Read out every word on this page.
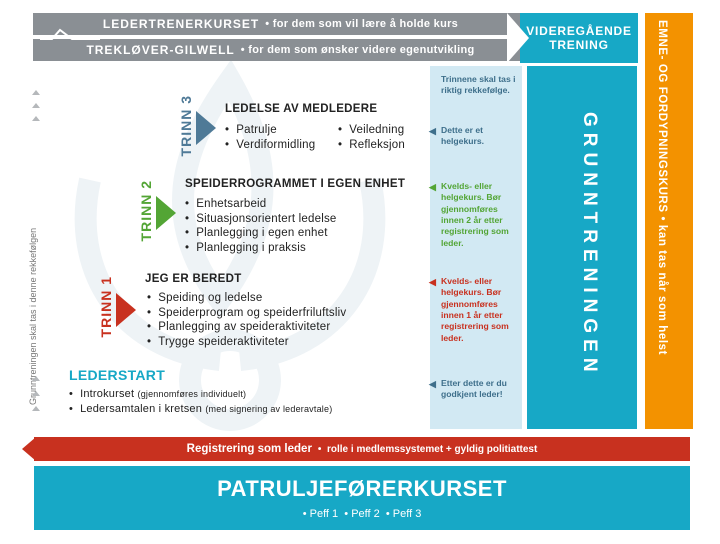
LEDERTRENERKURSET • for dem som vil lære å holde kurs
TREKLØVER-GILWELL • for dem som ønsker videre egenutvikling
VIDEREGÅENDE
TRENING
Trinnene skal tas i riktig rekkefølge.
◀ Dette er et helgekurs.
◀ Kvelds- eller helgekurs. Bør gjennomføres innen 2 år etter registrering som leder.
◀ Kvelds- eller helgekurs. Bør gjennomføres innen 1 år etter registrering som leder.
◀ Etter dette er du godkjent leder!
GRUNNTRENINGEN	EMNE- OG FORDYPNINGSKURS • kan tas når som helst
Grunntreningen skal tas i denne rekkefølgen
TRINN 3	LEDELSE AV MEDLEDERE
• Patrulje
• Verdiformidling
• Veiledning
• Refleksjon
TRINN 2	SPEIDERROGRAMMET I EGEN ENHET
• Enhetsarbeid
• Situasjonsorientert ledelse
• Planlegging i egen enhet
• Planlegging i praksis
TRINN 1	JEG ER BEREDT
• Speiding og ledelse
• Speiderprogram og speiderfriluftsliv
• Planlegging av speideraktiviteter
• Trygge speideraktiviteter
LEDERSTART
• Introkurset (gjennomføres individuelt)
• Ledersamtalen i kretsen (med signering av lederavtale)
Registrering som leder • rolle i medlemssystemet + gyldig politiattest
PATRULJEFØRERKURSET
• Peff 1  • Peff 2  • Peff 3
